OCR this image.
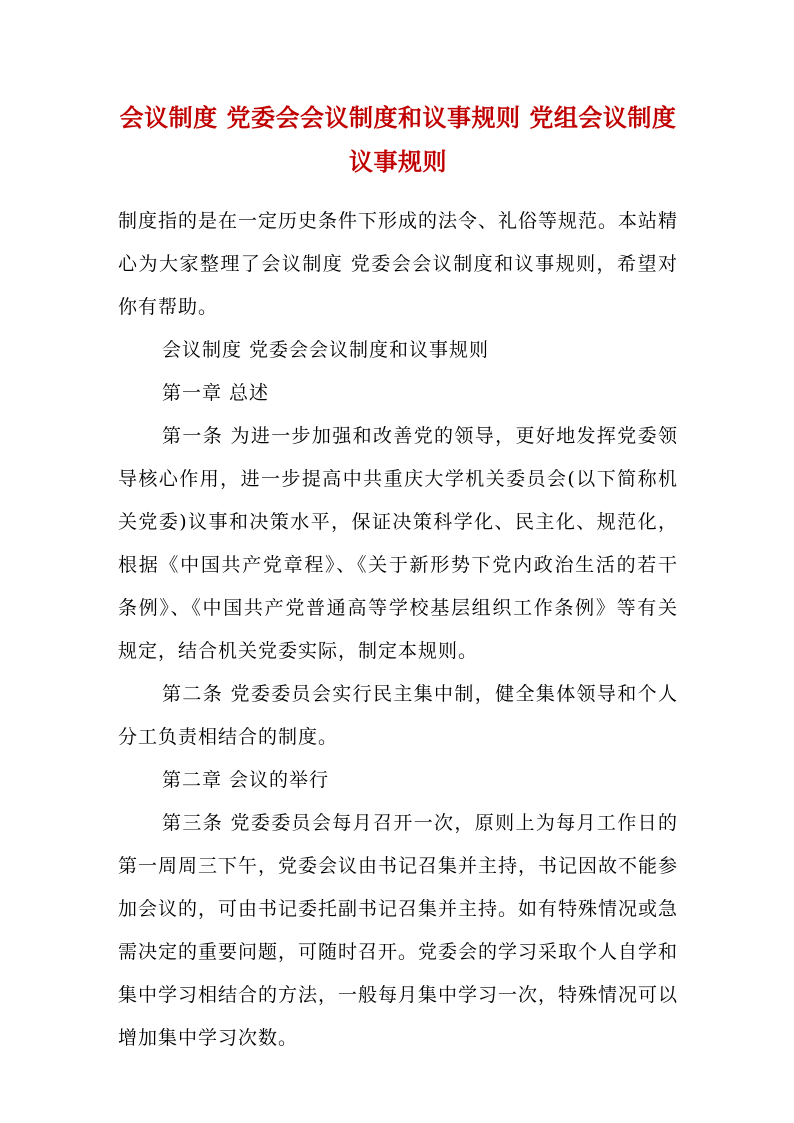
会议制度 党委会会议制度和议事规则 党组会议制度
议事规则

制度指的是在一定历史条件下形成的法令、礼俗等规范。本站精心为大家整理了会议制度 党委会会议制度和议事规则，希望对你有帮助。

会议制度 党委会会议制度和议事规则

第一章 总述

第一条 为进一步加强和改善党的领导，更好地发挥党委领导核心作用，进一步提高中共重庆大学机关委员会(以下简称机关党委)议事和决策水平，保证决策科学化、民主化、规范化，根据《中国共产党章程》、《关于新形势下党内政治生活的若干条例》、《中国共产党普通高等学校基层组织工作条例》等有关规定，结合机关党委实际，制定本规则。

第二条 党委委员会实行民主集中制，健全集体领导和个人分工负责相结合的制度。

第二章 会议的举行

第三条 党委委员会每月召开一次，原则上为每月工作日的第一周周三下午，党委会议由书记召集并主持，书记因故不能参加会议的，可由书记委托副书记召集并主持。如有特殊情况或急需决定的重要问题，可随时召开。党委会的学习采取个人自学和集中学习相结合的方法，一般每月集中学习一次，特殊情况可以增加集中学习次数。
